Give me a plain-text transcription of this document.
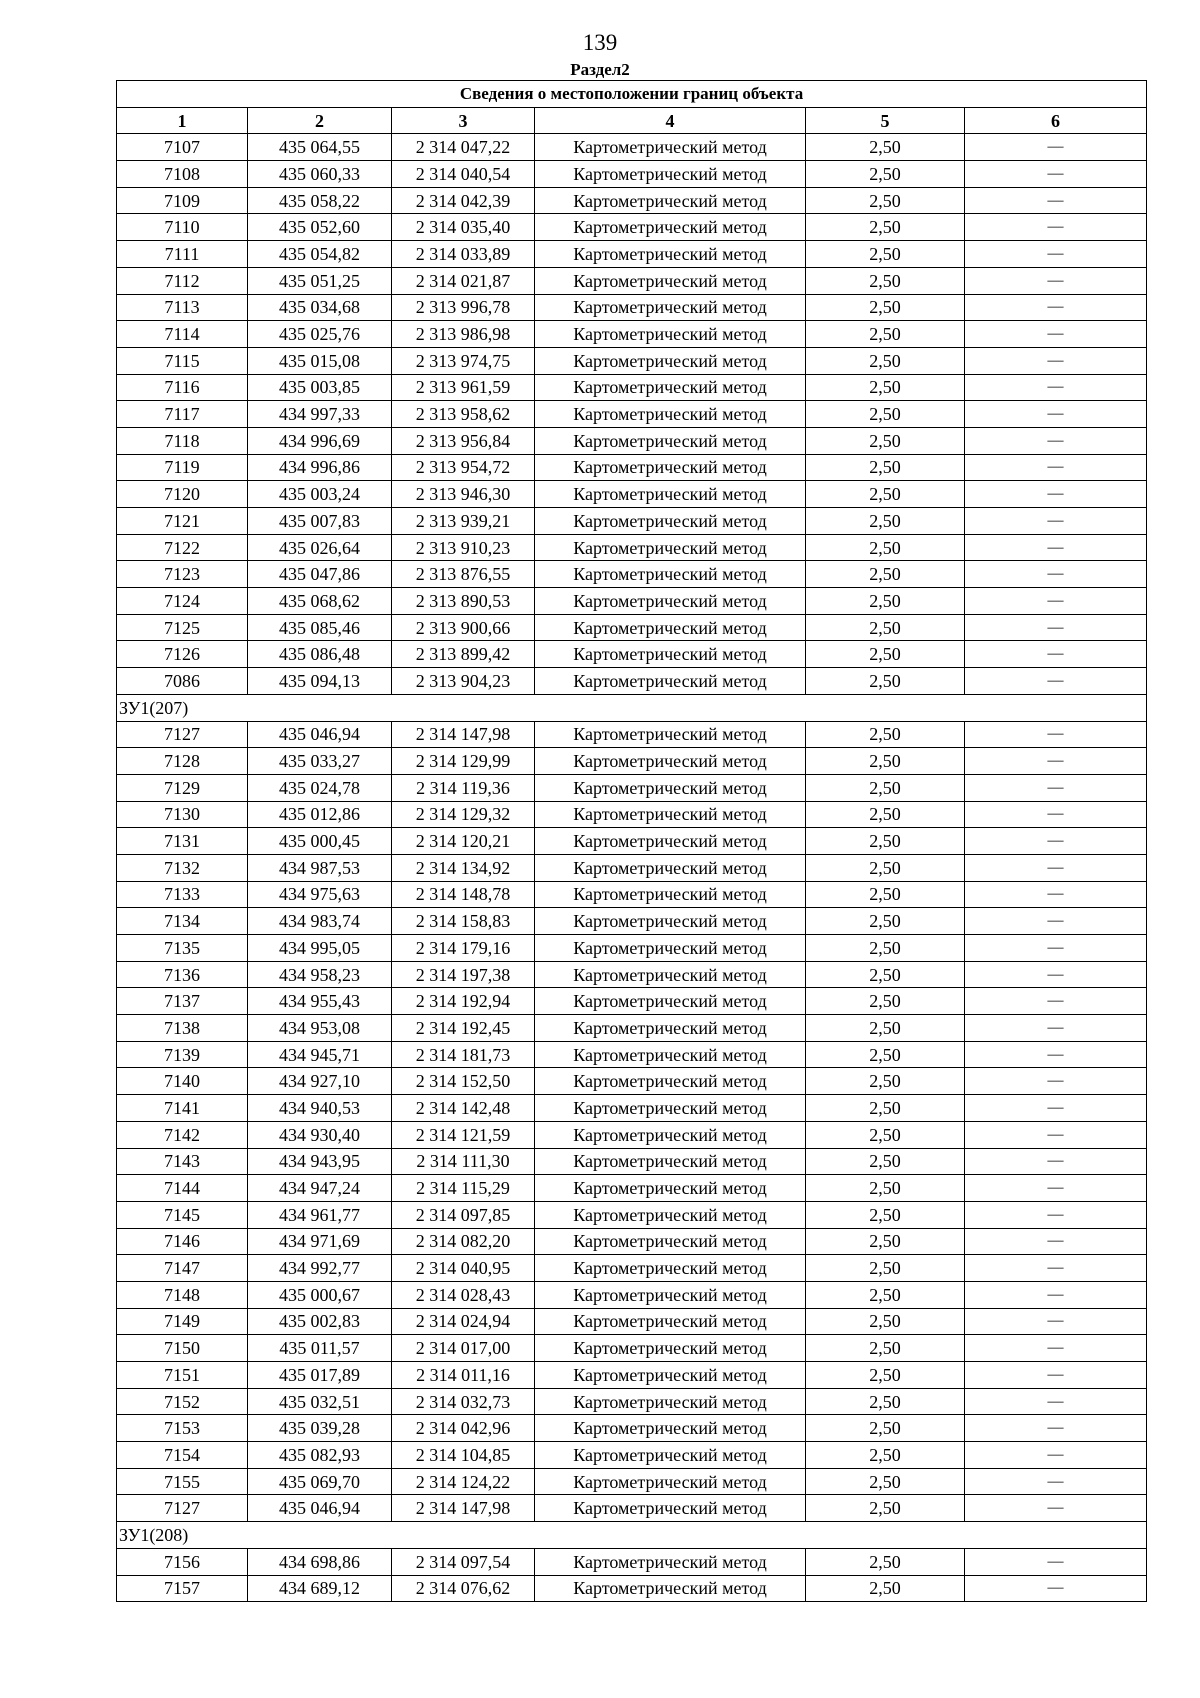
139
Раздел2
Сведения о местоположении границ объекта					
1	2	3	4	5	6
7107	435 064,55	2 314 047,22	Картометрический метод	2,50	—
7108	435 060,33	2 314 040,54	Картометрический метод	2,50	—
7109	435 058,22	2 314 042,39	Картометрический метод	2,50	—
7110	435 052,60	2 314 035,40	Картометрический метод	2,50	—
7111	435 054,82	2 314 033,89	Картометрический метод	2,50	—
7112	435 051,25	2 314 021,87	Картометрический метод	2,50	—
7113	435 034,68	2 313 996,78	Картометрический метод	2,50	—
7114	435 025,76	2 313 986,98	Картометрический метод	2,50	—
7115	435 015,08	2 313 974,75	Картометрический метод	2,50	—
7116	435 003,85	2 313 961,59	Картометрический метод	2,50	—
7117	434 997,33	2 313 958,62	Картометрический метод	2,50	—
7118	434 996,69	2 313 956,84	Картометрический метод	2,50	—
7119	434 996,86	2 313 954,72	Картометрический метод	2,50	—
7120	435 003,24	2 313 946,30	Картометрический метод	2,50	—
7121	435 007,83	2 313 939,21	Картометрический метод	2,50	—
7122	435 026,64	2 313 910,23	Картометрический метод	2,50	—
7123	435 047,86	2 313 876,55	Картометрический метод	2,50	—
7124	435 068,62	2 313 890,53	Картометрический метод	2,50	—
7125	435 085,46	2 313 900,66	Картометрический метод	2,50	—
7126	435 086,48	2 313 899,42	Картометрический метод	2,50	—
7086	435 094,13	2 313 904,23	Картометрический метод	2,50	—
ЗУ1(207)					
7127	435 046,94	2 314 147,98	Картометрический метод	2,50	—
7128	435 033,27	2 314 129,99	Картометрический метод	2,50	—
7129	435 024,78	2 314 119,36	Картометрический метод	2,50	—
7130	435 012,86	2 314 129,32	Картометрический метод	2,50	—
7131	435 000,45	2 314 120,21	Картометрический метод	2,50	—
7132	434 987,53	2 314 134,92	Картометрический метод	2,50	—
7133	434 975,63	2 314 148,78	Картометрический метод	2,50	—
7134	434 983,74	2 314 158,83	Картометрический метод	2,50	—
7135	434 995,05	2 314 179,16	Картометрический метод	2,50	—
7136	434 958,23	2 314 197,38	Картометрический метод	2,50	—
7137	434 955,43	2 314 192,94	Картометрический метод	2,50	—
7138	434 953,08	2 314 192,45	Картометрический метод	2,50	—
7139	434 945,71	2 314 181,73	Картометрический метод	2,50	—
7140	434 927,10	2 314 152,50	Картометрический метод	2,50	—
7141	434 940,53	2 314 142,48	Картометрический метод	2,50	—
7142	434 930,40	2 314 121,59	Картометрический метод	2,50	—
7143	434 943,95	2 314 111,30	Картометрический метод	2,50	—
7144	434 947,24	2 314 115,29	Картометрический метод	2,50	—
7145	434 961,77	2 314 097,85	Картометрический метод	2,50	—
7146	434 971,69	2 314 082,20	Картометрический метод	2,50	—
7147	434 992,77	2 314 040,95	Картометрический метод	2,50	—
7148	435 000,67	2 314 028,43	Картометрический метод	2,50	—
7149	435 002,83	2 314 024,94	Картометрический метод	2,50	—
7150	435 011,57	2 314 017,00	Картометрический метод	2,50	—
7151	435 017,89	2 314 011,16	Картометрический метод	2,50	—
7152	435 032,51	2 314 032,73	Картометрический метод	2,50	—
7153	435 039,28	2 314 042,96	Картометрический метод	2,50	—
7154	435 082,93	2 314 104,85	Картометрический метод	2,50	—
7155	435 069,70	2 314 124,22	Картометрический метод	2,50	—
7127	435 046,94	2 314 147,98	Картометрический метод	2,50	—
ЗУ1(208)					
7156	434 698,86	2 314 097,54	Картометрический метод	2,50	—
7157	434 689,12	2 314 076,62	Картометрический метод	2,50	—
